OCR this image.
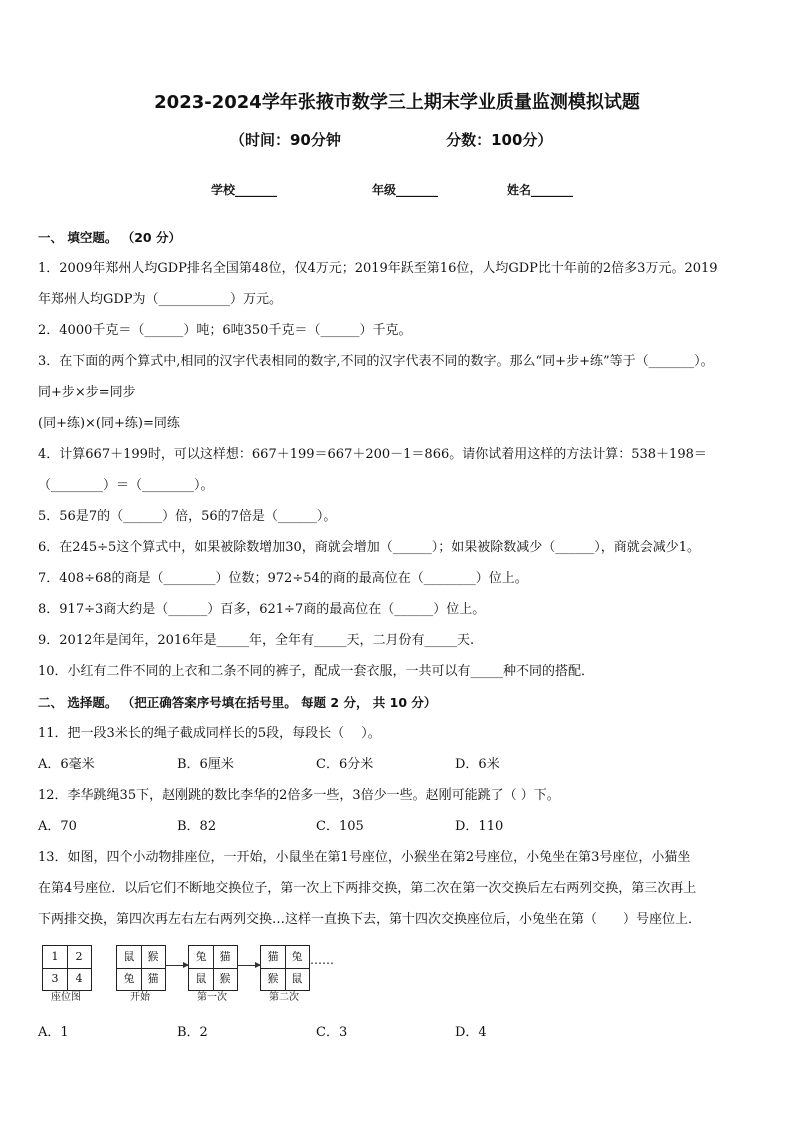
2023-2024学年张掖市数学三上期末学业质量监测模拟试题
（时间：90分钟	分数：100分）
学校_______	年级_______	姓名_______
一、 填空题。 （20 分）
1．2009年郑州人均GDP排名全国第48位，仅4万元；2019年跃至第16位，人均GDP比十年前的2倍多3万元。2019
年郑州人均GDP为（___________）万元。
2．4000千克＝（______）吨；6吨350千克＝（______）千克。
3．在下面的两个算式中,相同的汉字代表相同的数字,不同的汉字代表不同的数字。那么“同+步+练”等于（_______）。
同+步×步=同步
(同+练)×(同+练)=同练
4．计算667＋199时，可以这样想：667＋199＝667＋200－1＝866。请你试着用这样的方法计算：538＋198＝
（________）＝（________）。
5．56是7的（______）倍，56的7倍是（______）。
6．在245÷5这个算式中，如果被除数增加30，商就会增加（______）；如果被除数减少（______），商就会减少1。
7．408÷68的商是（________）位数；972÷54的商的最高位在（________）位上。
8．917÷3商大约是（______）百多，621÷7商的最高位在（______）位上。
9．2012年是闰年，2016年是_____年，全年有_____天，二月份有_____天.
10．小红有二件不同的上衣和二条不同的裤子，配成一套衣服，一共可以有_____种不同的搭配．
二、 选择题。 （把正确答案序号填在括号里。 每题 2 分， 共 10 分）
11．把一段3米长的绳子截成同样长的5段，每段长（　 ）。
A．6毫米	B．6厘米	C．6分米	D．6米
12．李华跳绳35下，赵刚跳的数比李华的2倍多一些，3倍少一些。赵刚可能跳了（ ）下。
A．70	B．82	C．105	D．110
13．如图，四个小动物排座位，一开始，小鼠坐在第1号座位，小猴坐在第2号座位，小兔坐在第3号座位，小猫坐
在第4号座位．以后它们不断地交换位子，第一次上下两排交换，第二次在第一次交换后左右两列交换，第三次再上
下两排交换，第四次再左右左右两列交换…这样一直换下去，第十四次交换座位后，小兔坐在第（　　）号座位上．
1	2
3	4
座位图
鼠	猴
兔	猫
开始
兔	猫
鼠	猴
第一次
猫	兔
猴	鼠
第二次
……
A．1	B．2	C．3	D．4
